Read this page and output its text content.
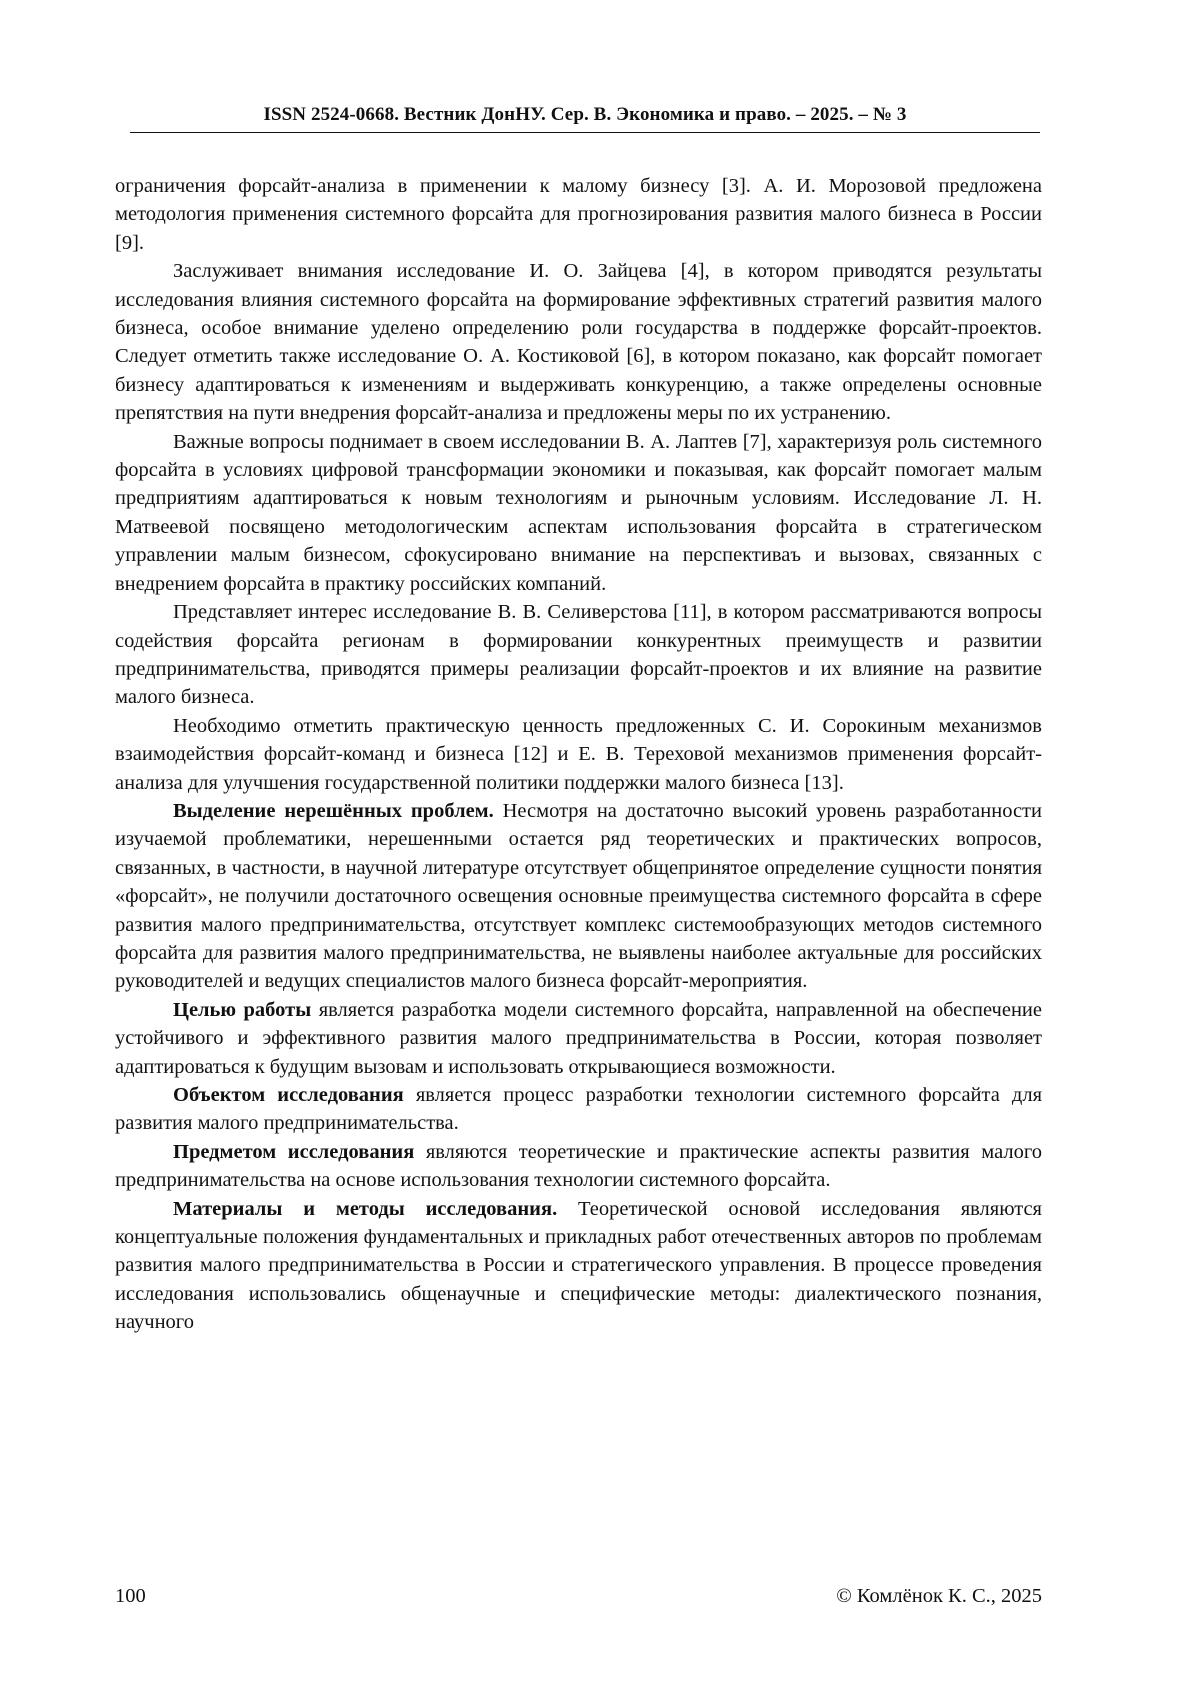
ISSN 2524-0668. Вестник ДонНУ. Сер. В. Экономика и право. – 2025. – № 3

ограничения форсайт-анализа в применении к малому бизнесу [3]. А. И. Морозовой предложена методология применения системного форсайта для прогнозирования развития малого бизнеса в России [9].

Заслуживает внимания исследование И. О. Зайцева [4], в котором приводятся результаты исследования влияния системного форсайта на формирование эффективных стратегий развития малого бизнеса, особое внимание уделено определению роли государства в поддержке форсайт-проектов. Следует отметить также исследование О. А. Костиковой [6], в котором показано, как форсайт помогает бизнесу адаптироваться к изменениям и выдерживать конкуренцию, а также определены основные препятствия на пути внедрения форсайт-анализа и предложены меры по их устранению.

Важные вопросы поднимает в своем исследовании В. А. Лаптев [7], характеризуя роль системного форсайта в условиях цифровой трансформации экономики и показывая, как форсайт помогает малым предприятиям адаптироваться к новым технологиям и рыночным условиям. Исследование Л. Н. Матвеевой посвящено методологическим аспектам использования форсайта в стратегическом управлении малым бизнесом, сфокусировано внимание на перспективаъ и вызовах, связанных с внедрением форсайта в практику российских компаний.

Представляет интерес исследование В. В. Селиверстова [11], в котором рассматриваются вопросы содействия форсайта регионам в формировании конкурентных преимуществ и развитии предпринимательства, приводятся примеры реализации форсайт-проектов и их влияние на развитие малого бизнеса.

Необходимо отметить практическую ценность предложенных С. И. Сорокиным механизмов взаимодействия форсайт-команд и бизнеса [12] и Е. В. Тереховой механизмов применения форсайт-анализа для улучшения государственной политики поддержки малого бизнеса [13].

Выделение нерешённых проблем. Несмотря на достаточно высокий уровень разработанности изучаемой проблематики, нерешенными остается ряд теоретических и практических вопросов, связанных, в частности, в научной литературе отсутствует общепринятое определение сущности понятия «форсайт», не получили достаточного освещения основные преимущества системного форсайта в сфере развития малого предпринимательства, отсутствует комплекс системообразующих методов системного форсайта для развития малого предпринимательства, не выявлены наиболее актуальные для российских руководителей и ведущих специалистов малого бизнеса форсайт-мероприятия.

Целью работы является разработка модели системного форсайта, направленной на обеспечение устойчивого и эффективного развития малого предпринимательства в России, которая позволяет адаптироваться к будущим вызовам и использовать открывающиеся возможности.

Объектом исследования является процесс разработки технологии системного форсайта для развития малого предпринимательства.

Предметом исследования являются теоретические и практические аспекты развития малого предпринимательства на основе использования технологии системного форсайта.

Материалы и методы исследования. Теоретической основой исследования являются концептуальные положения фундаментальных и прикладных работ отечественных авторов по проблемам развития малого предпринимательства в России и стратегического управления. В процессе проведения исследования использовались общенаучные и специфические методы: диалектического познания, научного

100	© Комлёнок К. С., 2025
